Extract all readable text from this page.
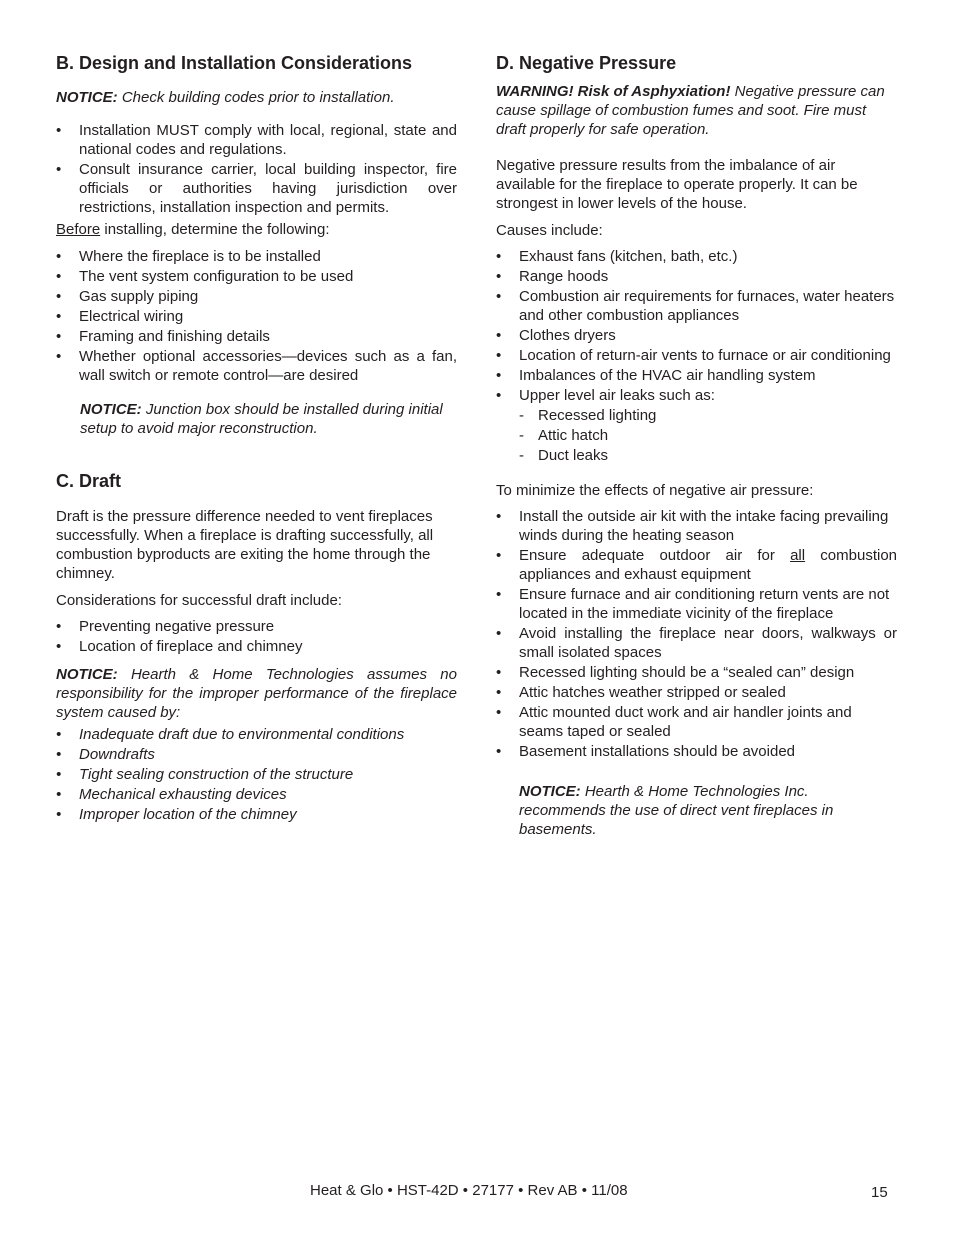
B. Design and Installation Considerations

NOTICE: Check building codes prior to installation.

• Installation MUST comply with local, regional, state and national codes and regulations.
• Consult insurance carrier, local building inspector, fire officials or authorities having jurisdiction over restrictions, installation inspection and permits.

Before installing, determine the following:

• Where the fireplace is to be installed
• The vent system configuration to be used
• Gas supply piping
• Electrical wiring
• Framing and finishing details
• Whether optional accessories—devices such as a fan, wall switch or remote control—are desired

NOTICE: Junction box should be installed during initial setup to avoid major reconstruction.

C. Draft

Draft is the pressure difference needed to vent fireplaces successfully. When a fireplace is drafting successfully, all combustion byproducts are exiting the home through the chimney.

Considerations for successful draft include:

• Preventing negative pressure
• Location of fireplace and chimney

NOTICE: Hearth & Home Technologies assumes no responsibility for the improper performance of the fireplace system caused by:

• Inadequate draft due to environmental conditions
• Downdrafts
• Tight sealing construction of the structure
• Mechanical exhausting devices
• Improper location of the chimney
D. Negative Pressure

WARNING! Risk of Asphyxiation! Negative pressure can cause spillage of combustion fumes and soot. Fire must draft properly for safe operation.

Negative pressure results from the imbalance of air available for the fireplace to operate properly. It can be strongest in lower levels of the house.

Causes include:

• Exhaust fans (kitchen, bath, etc.)
• Range hoods
• Combustion air requirements for furnaces, water heaters and other combustion appliances
• Clothes dryers
• Location of return-air vents to furnace or air conditioning
• Imbalances of the HVAC air handling system
• Upper level air leaks such as:
- Recessed lighting
- Attic hatch
- Duct leaks

To minimize the effects of negative air pressure:

• Install the outside air kit with the intake facing prevailing winds during the heating season
• Ensure adequate outdoor air for all combustion appliances and exhaust equipment
• Ensure furnace and air conditioning return vents are not located in the immediate vicinity of the fireplace
• Avoid installing the fireplace near doors, walkways or small isolated spaces
• Recessed lighting should be a “sealed can” design
• Attic hatches weather stripped or sealed
• Attic mounted duct work and air handler joints and seams taped or sealed
• Basement installations should be avoided

NOTICE: Hearth & Home Technologies Inc. recommends the use of direct vent fireplaces in basements.

Heat & Glo • HST-42D • 27177 • Rev AB • 11/08	15
